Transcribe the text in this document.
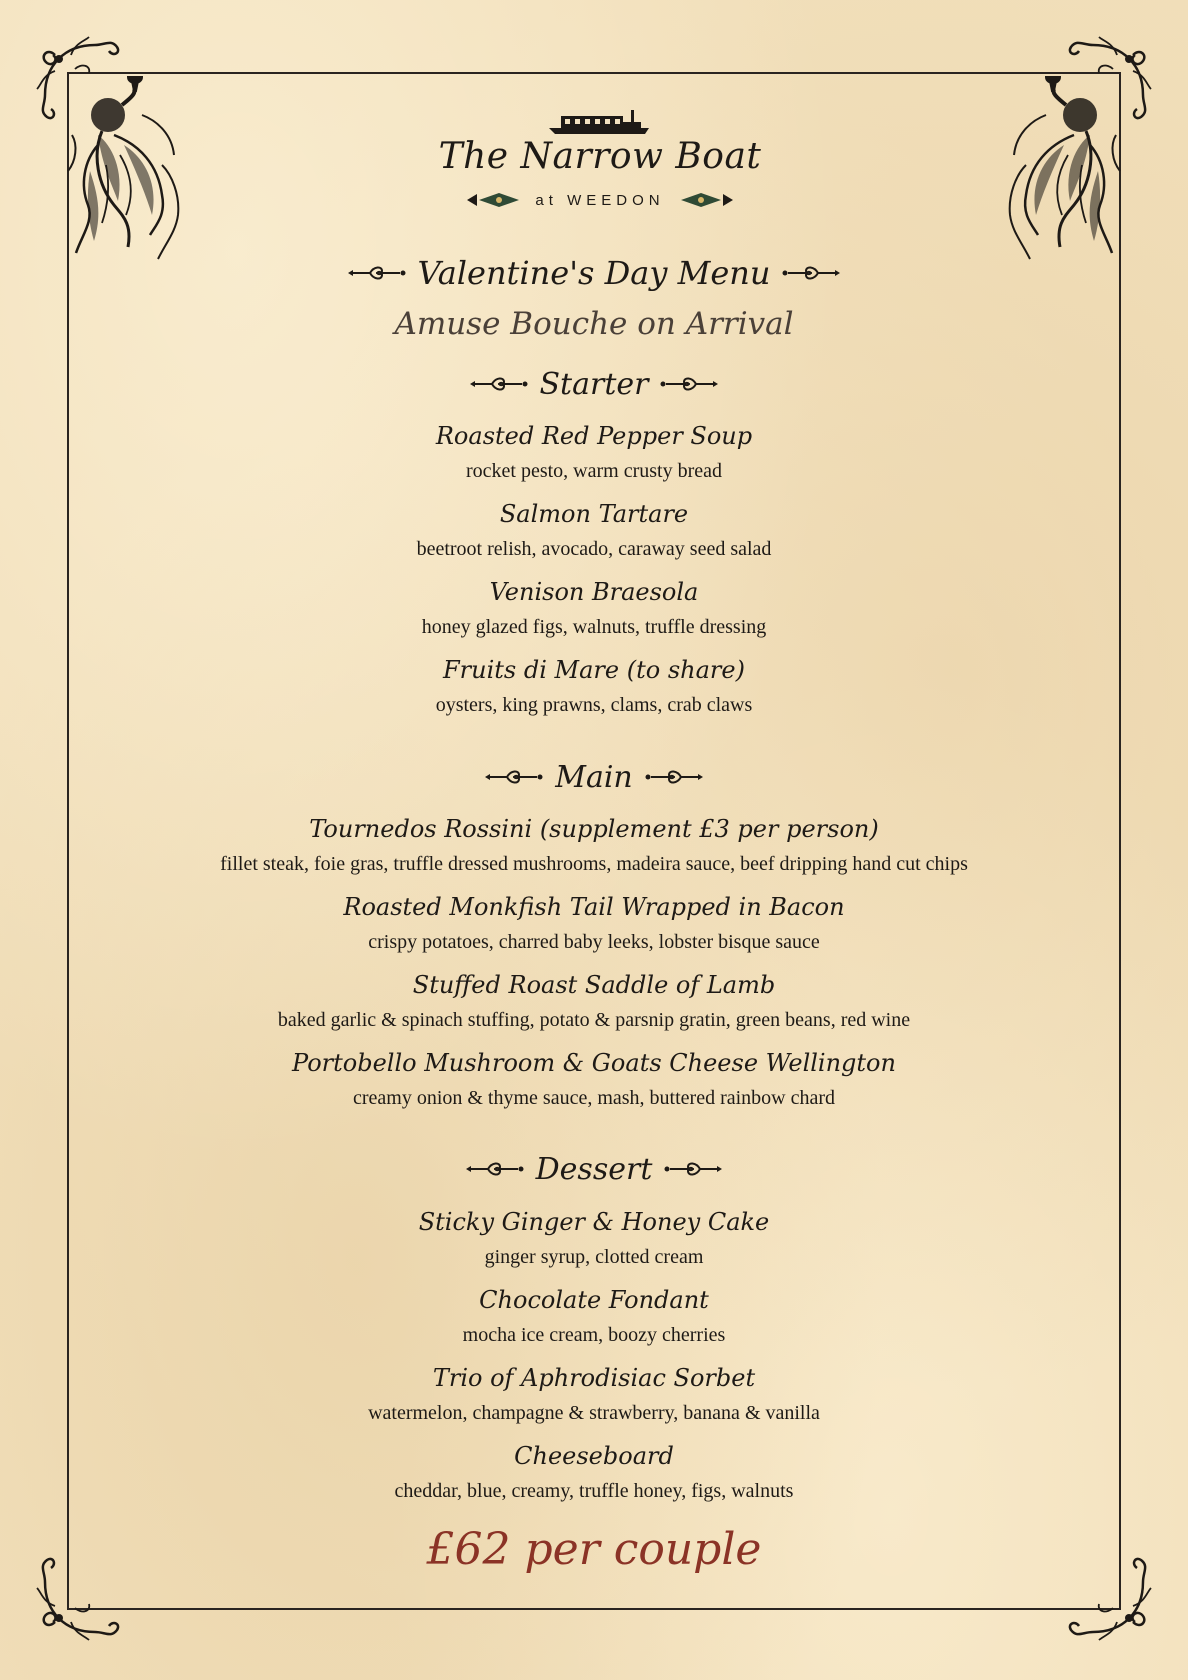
The Narrow Boat
at WEEDON
Valentine's Day Menu
Amuse Bouche on Arrival
Starter
Roasted Red Pepper Soup
rocket pesto, warm crusty bread
Salmon Tartare
beetroot relish, avocado, caraway seed salad
Venison Braesola
honey glazed figs, walnuts, truffle dressing
Fruits di Mare (to share)
oysters, king prawns, clams, crab claws
Main
Tournedos Rossini (supplement £3 per person)
fillet steak, foie gras, truffle dressed mushrooms, madeira sauce, beef dripping hand cut chips
Roasted Monkfish Tail Wrapped in Bacon
crispy potatoes, charred baby leeks, lobster bisque sauce
Stuffed Roast Saddle of Lamb
baked garlic & spinach stuffing, potato & parsnip gratin, green beans, red wine
Portobello Mushroom & Goats Cheese Wellington
creamy onion & thyme sauce, mash, buttered rainbow chard
Dessert
Sticky Ginger & Honey Cake
ginger syrup, clotted cream
Chocolate Fondant
mocha ice cream, boozy cherries
Trio of Aphrodisiac Sorbet
watermelon, champagne & strawberry, banana & vanilla
Cheeseboard
cheddar, blue, creamy, truffle honey, figs, walnuts
£62 per couple
